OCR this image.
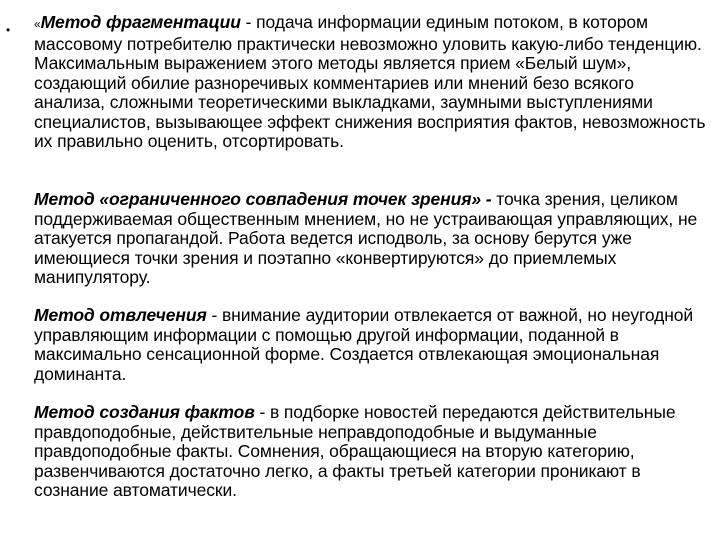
• «Метод фрагментации - подача информации единым потоком, в котором массовому потребителю практически невозможно уловить какую-либо тенденцию. Максимальным выражением этого методы является прием «Белый шум», создающий обилие разноречивых комментариев или мнений безо всякого анализа, сложными теоретическими выкладками, заумными выступлениями специалистов, вызывающее эффект снижения восприятия фактов, невозможность их правильно оценить, отсортировать.

Метод «ограниченного совпадения точек зрения» - точка зрения, целиком поддерживаемая общественным мнением, но не устраивающая управляющих, не атакуется пропагандой. Работа ведется исподволь, за основу берутся уже имеющиеся точки зрения и поэтапно «конвертируются» до приемлемых манипулятору.

Метод отвлечения - внимание аудитории отвлекается от важной, но неугодной управляющим информации с помощью другой информации, поданной в максимально сенсационной форме. Создается отвлекающая эмоциональная доминанта.

Метод создания фактов - в подборке новостей передаются действительные правдоподобные, действительные неправдоподобные и выдуманные правдоподобные факты. Сомнения, обращающиеся на вторую категорию, развенчиваются достаточно легко, а факты третьей категории проникают в сознание автоматически.
